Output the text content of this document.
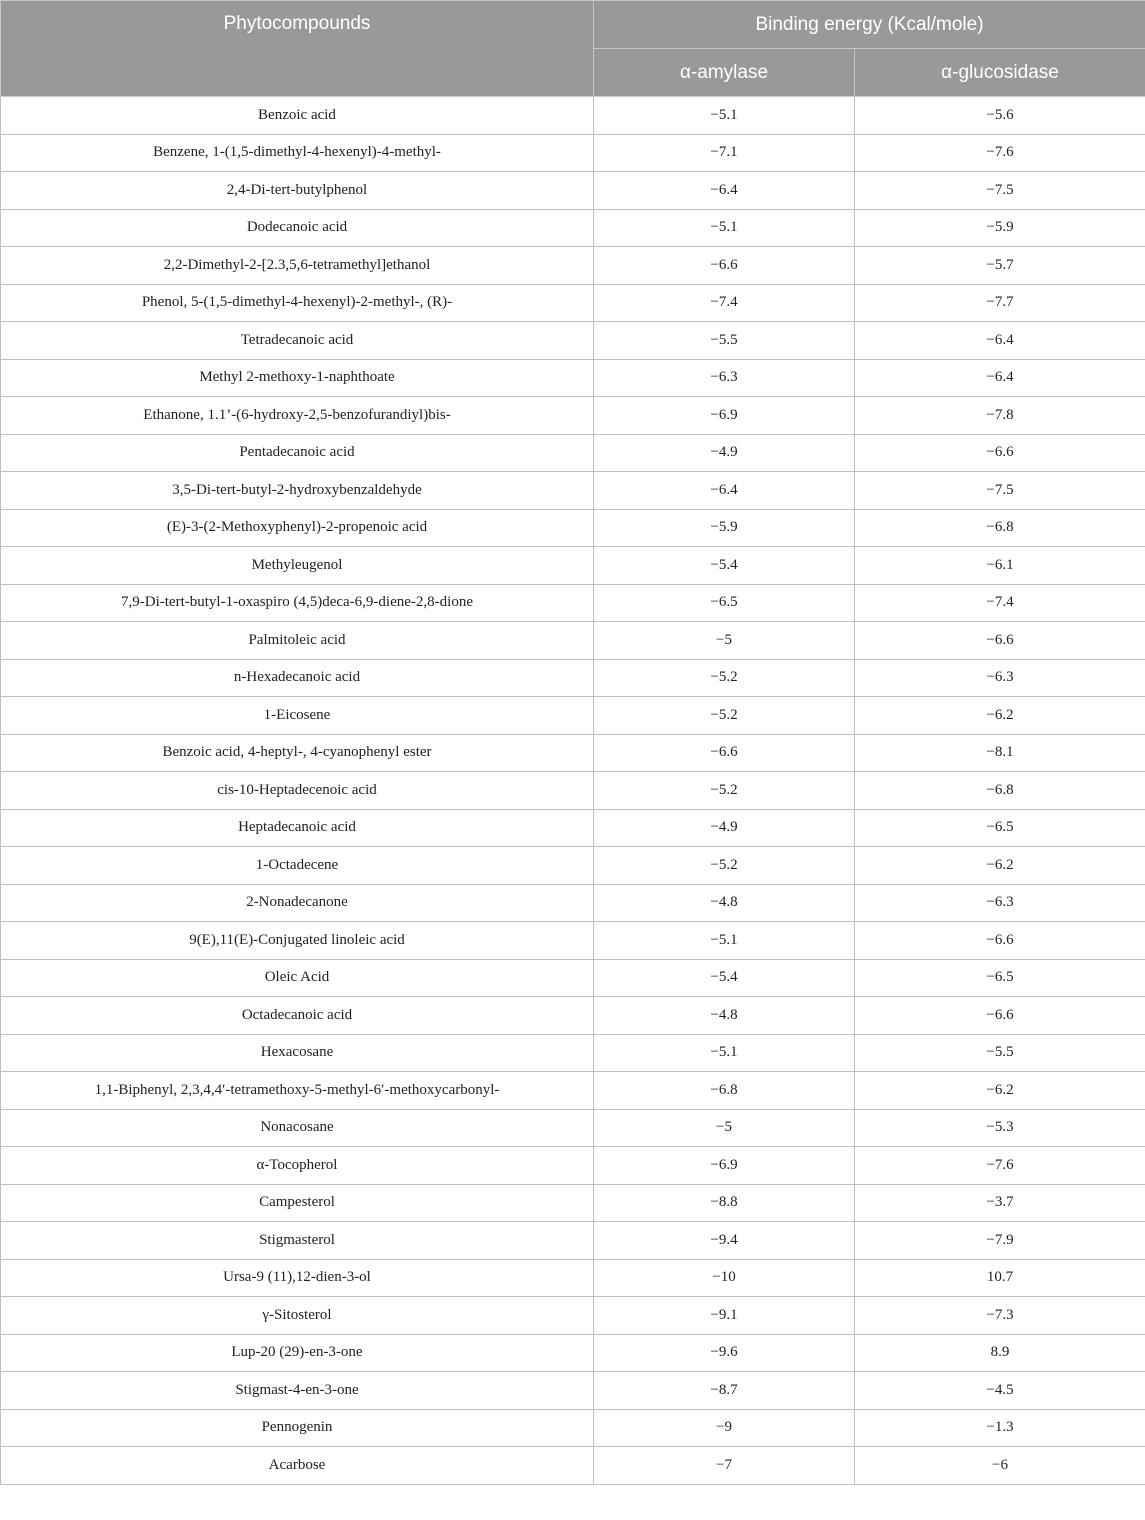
Phytocompounds	Binding energy (Kcal/mole)	
	α-amylase	α-glucosidase
Benzoic acid	−5.1	−5.6
Benzene, 1-(1,5-dimethyl-4-hexenyl)-4-methyl-	−7.1	−7.6
2,4-Di-tert-butylphenol	−6.4	−7.5
Dodecanoic acid	−5.1	−5.9
2,2-Dimethyl-2-[2.3,5,6-tetramethyl]ethanol	−6.6	−5.7
Phenol, 5-(1,5-dimethyl-4-hexenyl)-2-methyl-, (R)-	−7.4	−7.7
Tetradecanoic acid	−5.5	−6.4
Methyl 2-methoxy-1-naphthoate	−6.3	−6.4
Ethanone, 1.1’-(6-hydroxy-2,5-benzofurandiyl)bis-	−6.9	−7.8
Pentadecanoic acid	−4.9	−6.6
3,5-Di-tert-butyl-2-hydroxybenzaldehyde	−6.4	−7.5
(E)-3-(2-Methoxyphenyl)-2-propenoic acid	−5.9	−6.8
Methyleugenol	−5.4	−6.1
7,9-Di-tert-butyl-1-oxaspiro (4,5)deca-6,9-diene-2,8-dione	−6.5	−7.4
Palmitoleic acid	−5	−6.6
n-Hexadecanoic acid	−5.2	−6.3
1-Eicosene	−5.2	−6.2
Benzoic acid, 4-heptyl-, 4-cyanophenyl ester	−6.6	−8.1
cis-10-Heptadecenoic acid	−5.2	−6.8
Heptadecanoic acid	−4.9	−6.5
1-Octadecene	−5.2	−6.2
2-Nonadecanone	−4.8	−6.3
9(E),11(E)-Conjugated linoleic acid	−5.1	−6.6
Oleic Acid	−5.4	−6.5
Octadecanoic acid	−4.8	−6.6
Hexacosane	−5.1	−5.5
1,1-Biphenyl, 2,3,4,4′-tetramethoxy-5-methyl-6′-methoxycarbonyl-	−6.8	−6.2
Nonacosane	−5	−5.3
α-Tocopherol	−6.9	−7.6
Campesterol	−8.8	−3.7
Stigmasterol	−9.4	−7.9
Ursa-9 (11),12-dien-3-ol	−10	10.7
γ-Sitosterol	−9.1	−7.3
Lup-20 (29)-en-3-one	−9.6	8.9
Stigmast-4-en-3-one	−8.7	−4.5
Pennogenin	−9	−1.3
Acarbose	−7	−6
